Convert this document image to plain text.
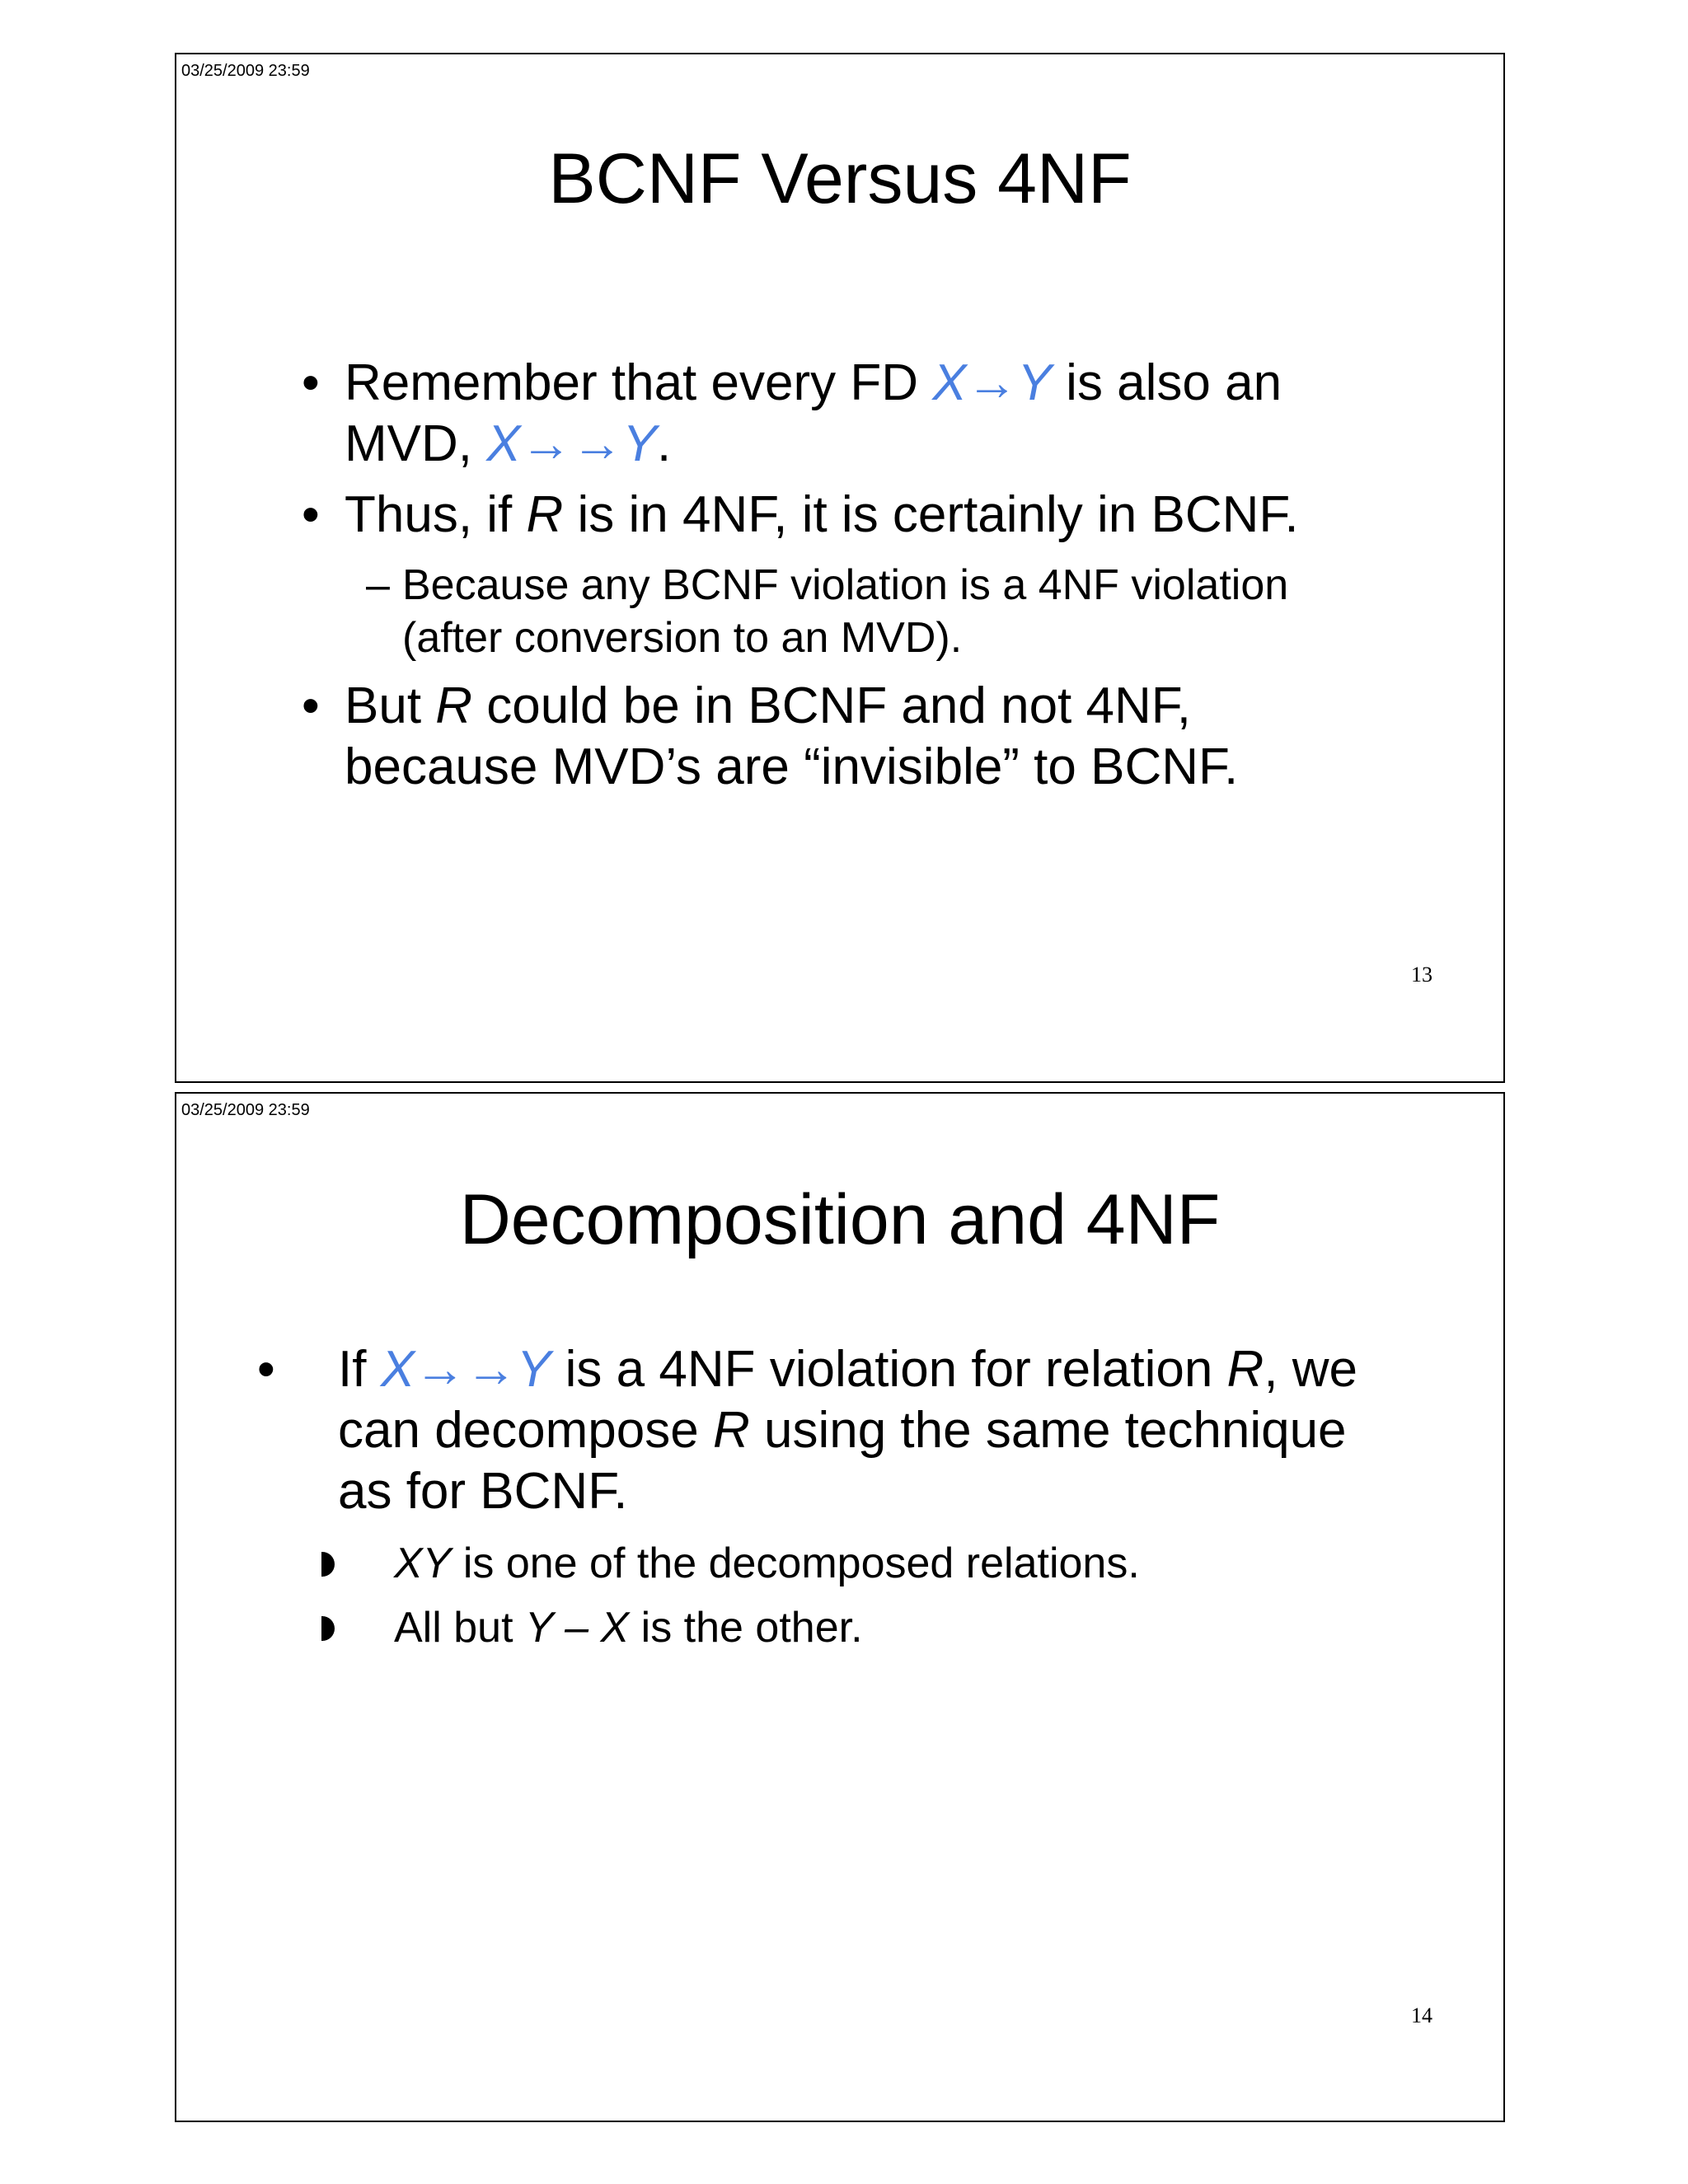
03/25/2009 23:59
BCNF Versus 4NF
• Remember that every FD X→Y is also an
MVD, X→→Y.
• Thus, if R is in 4NF, it is certainly in BCNF.
– Because any BCNF violation is a 4NF violation
(after conversion to an MVD).
• But R could be in BCNF and not 4NF,
because MVD’s are “invisible” to BCNF.
13
03/25/2009 23:59
Decomposition and 4NF
•	If X→→Y is a 4NF violation for relation R, we
can decompose R using the same technique
as for BCNF.
XY is one of the decomposed relations.
All but Y – X is the other.
14
